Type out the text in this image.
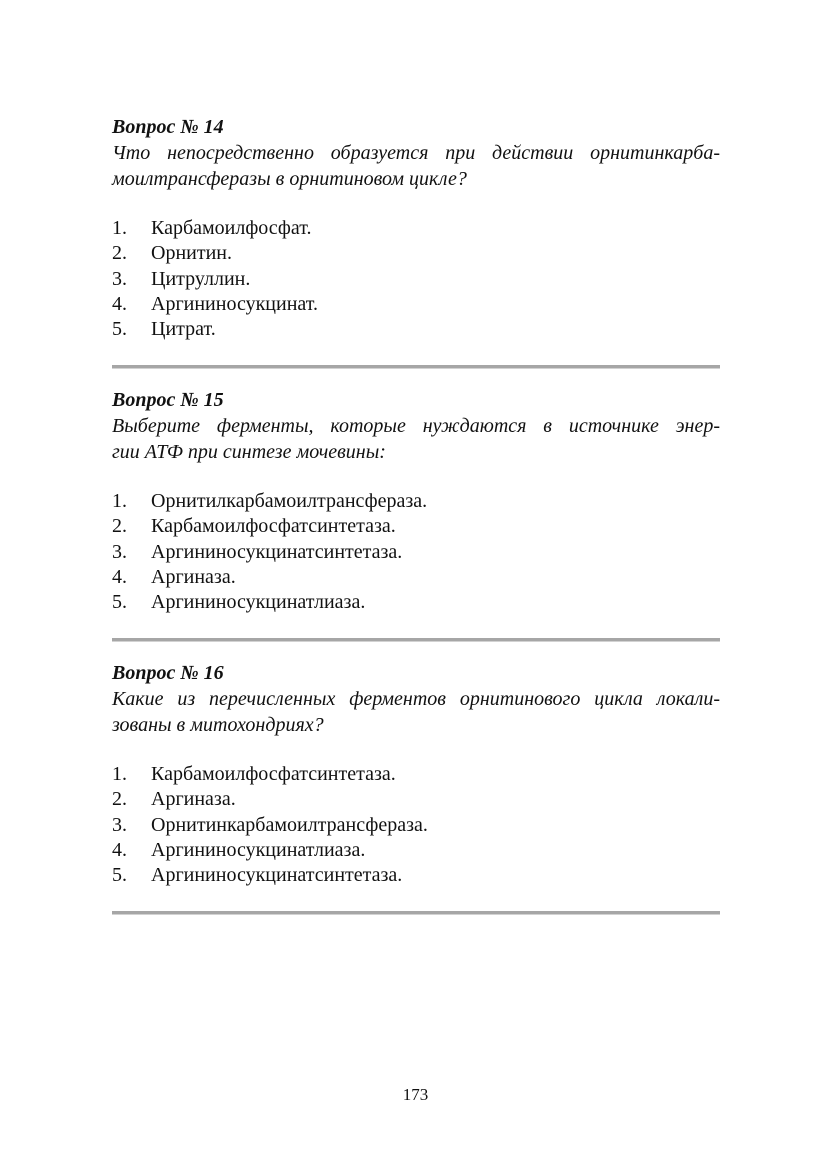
Вопрос № 14

Что непосредственно образуется при действии орнитинкарба-
моилтрансферазы в орнитиновом цикле?

1.	Карбамоилфосфат.
2.	Орнитин.
3.	Цитруллин.
4.	Аргининосукцинат.
5.	Цитрат.

Вопрос № 15

Выберите ферменты, которые нуждаются в источнике энер-
гии АТФ при синтезе мочевины:

1.	Орнитилкарбамоилтрансфераза.
2.	Карбамоилфосфатсинтетаза.
3.	Аргининосукцинатсинтетаза.
4.	Аргиназа.
5.	Аргининосукцинатлиаза.

Вопрос № 16

Какие из перечисленных ферментов орнитинового цикла локали-
зованы в митохондриях?

1.	Карбамоилфосфатсинтетаза.
2.	Аргиназа.
3.	Орнитинкарбамоилтрансфераза.
4.	Аргининосукцинатлиаза.
5.	Аргининосукцинатсинтетаза.
173
